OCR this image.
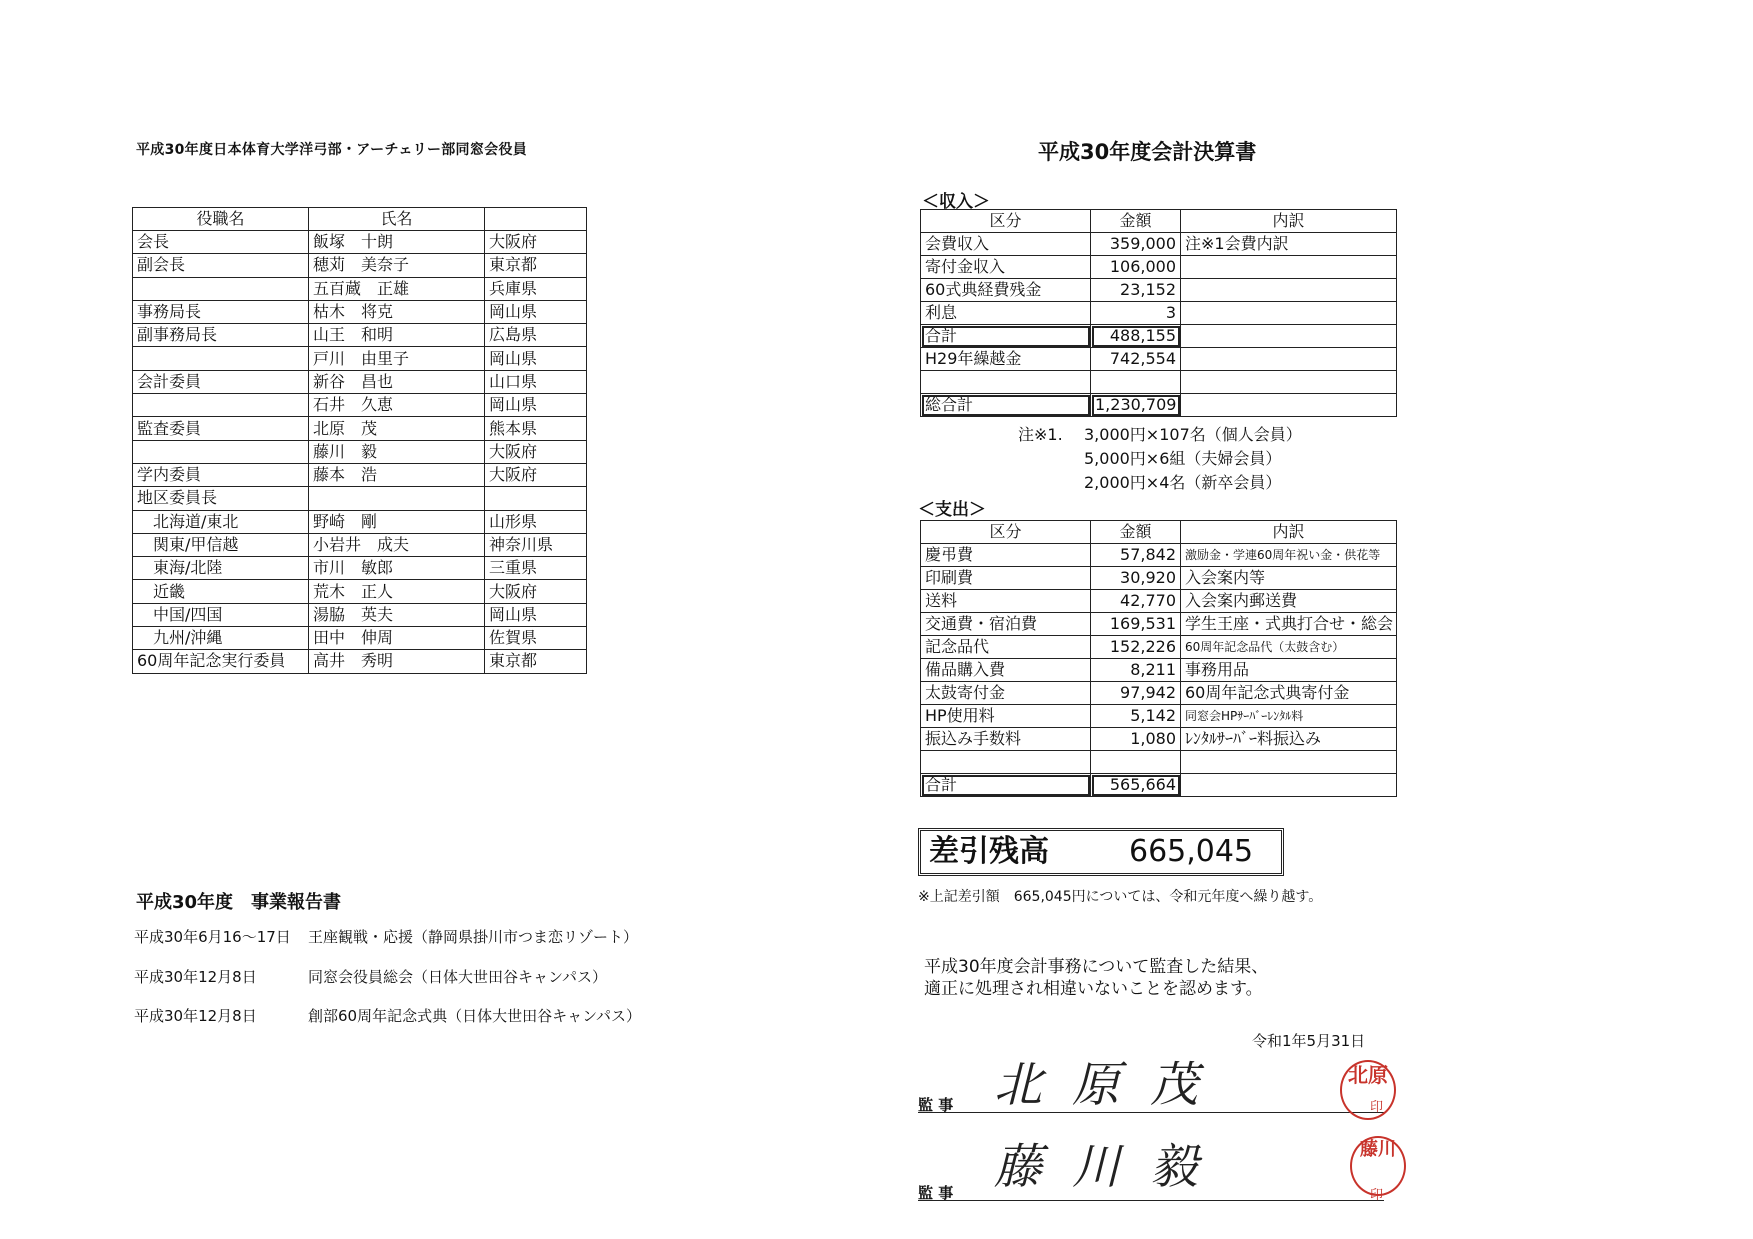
平成30年度日本体育大学洋弓部・アーチェリー部同窓会役員
役職名	氏名	
会長	飯塚　十朗	大阪府
副会長	穂苅　美奈子	東京都
	五百蔵　正雄	兵庫県
事務局長	枯木　将克	岡山県
副事務局長	山王　和明	広島県
	戸川　由里子	岡山県
会計委員	新谷　昌也	山口県
	石井　久恵	岡山県
監査委員	北原　茂	熊本県
	藤川　毅	大阪府
学内委員	藤本　浩	大阪府
地区委員長		
　北海道/東北	野崎　剛	山形県
　関東/甲信越	小岩井　成夫	神奈川県
　東海/北陸	市川　敏郎	三重県
　近畿	荒木　正人	大阪府
　中国/四国	湯脇　英夫	岡山県
　九州/沖縄	田中　伸周	佐賀県
60周年記念実行委員	高井　秀明	東京都
平成30年度　事業報告書
平成30年6月16～17日 王座観戦・応援（静岡県掛川市つま恋リゾート）
平成30年12月8日	同窓会役員総会（日体大世田谷キャンパス）
平成30年12月8日	創部60周年記念式典（日体大世田谷キャンパス）
平成30年度会計決算書
＜収入＞
区分	金額	内訳
会費収入	359,000	注※1会費内訳
寄付金収入	106,000	
60式典経費残金	23,152	
利息	3	
合計	488,155	
H29年繰越金	742,554	

総合計	1,230,709	
注※1. 3,000円×107名（個人会員）
5,000円×6組（夫婦会員）
2,000円×4名（新卒会員）
＜支出＞
区分	金額	内訳
慶弔費	57,842	激励金・学連60周年祝い金・供花等
印刷費	30,920	入会案内等
送料	42,770	入会案内郵送費
交通費・宿泊費	169,531	学生王座・式典打合せ・総会
記念品代	152,226	60周年記念品代（太鼓含む）
備品購入費	8,211	事務用品
太鼓寄付金	97,942	60周年記念式典寄付金
HP使用料	5,142	同窓会HPｻｰﾊﾞｰﾚﾝﾀﾙ料
振込み手数料	1,080	ﾚﾝﾀﾙｻｰﾊﾞｰ料振込み

合計	565,664	
差引残高	665,045
※上記差引額　665,045円については、令和元年度へ繰り越す。
平成30年度会計事務について監査した結果、
適正に処理され相違いないことを認めます。
令和1年5月31日
監 事 北原茂	北原
印
監 事 藤川毅	藤川
印
